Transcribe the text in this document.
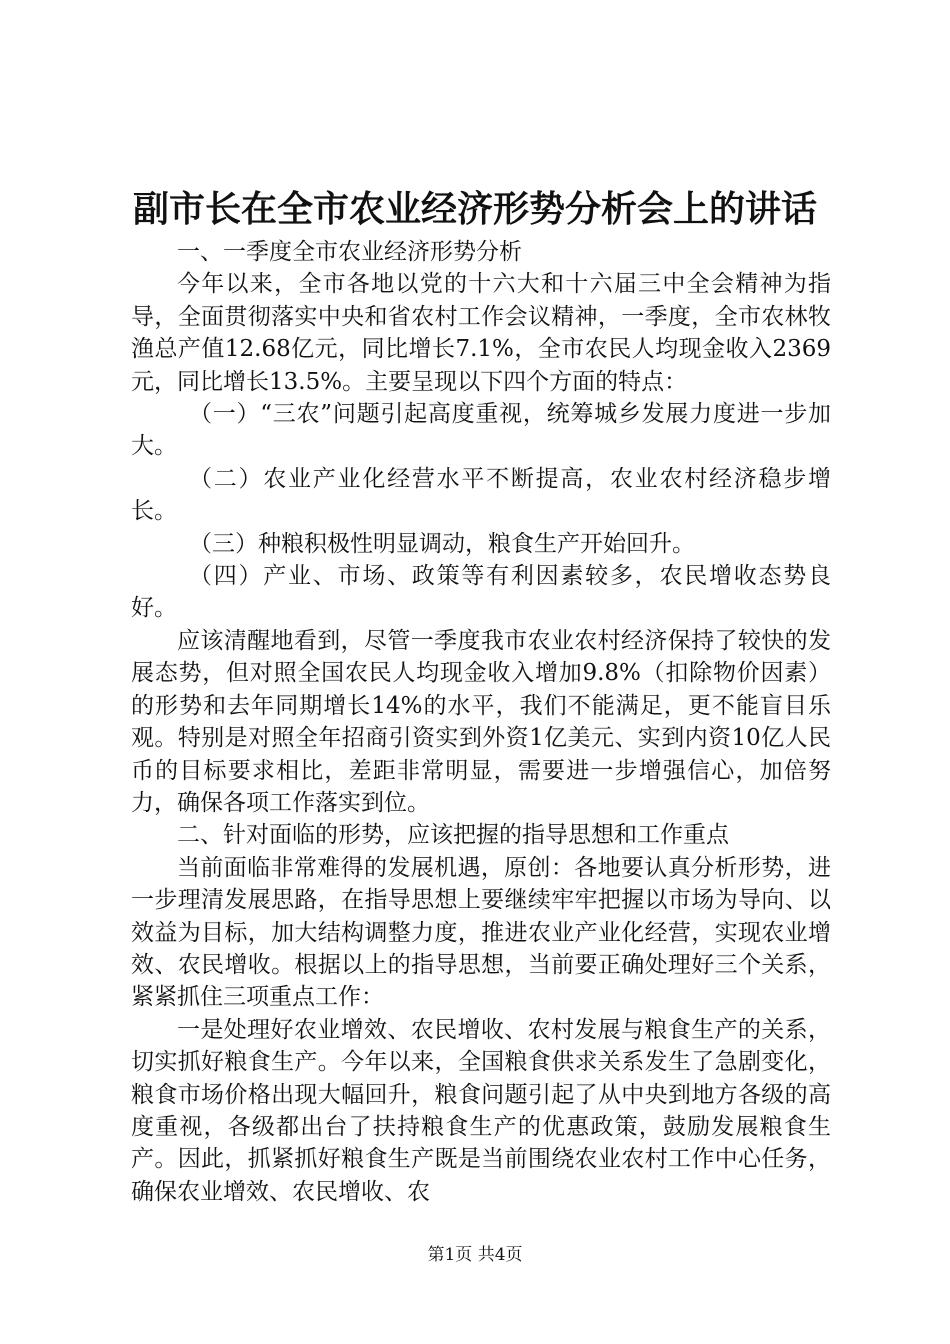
副市长在全市农业经济形势分析会上的讲话

一、一季度全市农业经济形势分析

今年以来，全市各地以党的十六大和十六届三中全会精神为指导，全面贯彻落实中央和省农村工作会议精神，一季度，全市农林牧渔总产值12.68亿元，同比增长7.1%，全市农民人均现金收入2369元，同比增长13.5%。主要呈现以下四个方面的特点：

（一）“三农”问题引起高度重视，统筹城乡发展力度进一步加大。

（二）农业产业化经营水平不断提高，农业农村经济稳步增长。

（三）种粮积极性明显调动，粮食生产开始回升。

（四）产业、市场、政策等有利因素较多，农民增收态势良好。

应该清醒地看到，尽管一季度我市农业农村经济保持了较快的发展态势，但对照全国农民人均现金收入增加9.8%（扣除物价因素）的形势和去年同期增长14%的水平，我们不能满足，更不能盲目乐观。特别是对照全年招商引资实到外资1亿美元、实到内资10亿人民币的目标要求相比，差距非常明显，需要进一步增强信心，加倍努力，确保各项工作落实到位。

二、针对面临的形势，应该把握的指导思想和工作重点

当前面临非常难得的发展机遇，原创：各地要认真分析形势，进一步理清发展思路，在指导思想上要继续牢牢把握以市场为导向、以效益为目标，加大结构调整力度，推进农业产业化经营，实现农业增效、农民增收。根据以上的指导思想，当前要正确处理好三个关系，紧紧抓住三项重点工作：

一是处理好农业增效、农民增收、农村发展与粮食生产的关系，切实抓好粮食生产。今年以来，全国粮食供求关系发生了急剧变化，粮食市场价格出现大幅回升，粮食问题引起了从中央到地方各级的高度重视，各级都出台了扶持粮食生产的优惠政策，鼓励发展粮食生产。因此，抓紧抓好粮食生产既是当前围绕农业农村工作中心任务，确保农业增效、农民增收、农

第1页 共4页
